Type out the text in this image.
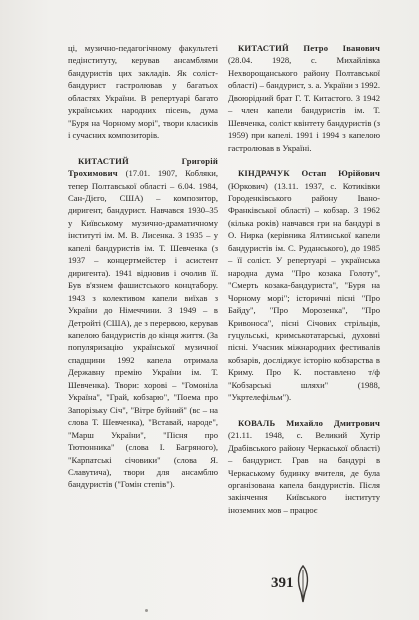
ці, музично-педагогічному факультеті педінституту, керував ансамблями бандуристів цих закладів. Як соліст-бандурист гастролював у багатьох областях України. В репертуарі багато українських народних пісень, дума "Буря на Чорному морі", твори класиків і сучасних композиторів.

КИТАСТИЙ Григорій Трохимович (17.01. 1907, Кобляки, тепер Полтавської області – 6.04. 1984, Сан-Дієго, США) – композитор, диригент, бандурист. Навчався 1930–35 у Київському музично-драматичному інституті ім. М. В. Лисенка. З 1935 – у капелі бандуристів ім. Т. Шевченка (з 1937 – концертмейстер і асистент диригента). 1941 відновив і очолив її. Був в'язнем фашистського концтабору. 1943 з колективом капели виїхав з України до Німеччини. З 1949 – в Детройті (США), де з перервою, керував капелою бандуристів до кінця життя. (За популяризацію української музичної спадщини 1992 капела отримала Державну премію України ім. Т. Шевченка). Твори: хорові – "Гомоніла Україна", "Грай, кобзарю", "Поема про Запорізьку Січ", "Вітре буйний" (вс – на слова Т. Шевченка), "Вставай, народе", "Марш України", "Пісня про Тютюнника" (слова І. Багряного), "Карпатські січовики" (слова Я. Славутича), твори для ансамблю бандуристів ("Гомін степів").

КИТАСТИЙ Петро Іванович (28.04. 1928, с. Михайлівка Нехворощанського району Полтавської області) – бандурист, з. а. України з 1992. Двоюрідний брат Г. Т. Китастого. З 1942 – член капели бандуристів ім. Т. Шевченка, соліст квінтету бандуристів (з 1959) при капелі. 1991 і 1994 з капелою гастролював в Україні.

КІНДРАЧУК Остап Юрійович (Юркович) (13.11. 1937, с. Котиківки Городенківського району Івано-Франківської області) – кобзар. З 1962 (кілька років) навчався гри на бандурі в О. Нирка (керівника Ялтинської капели бандуристів ім. С. Руданського), до 1985 – її соліст. У репертуарі – українська народна дума "Про козака Голоту", "Смерть козака-бандуриста", "Буря на Чорному морі"; історичні пісні "Про Байду", "Про Морозенка", "Про Кривоноса", пісні Січових стрільців, гуцульські, кримськотатарські, духовні пісні. Учасник міжнародних фестивалів кобзарів, досліджує історію кобзарства в Криму. Про К. поставлено т/ф "Кобзарські шляхи" (1988, "Укртелефільм").

КОВАЛЬ Михайло Дмитрович (21.11. 1948, с. Великий Хутір Драбівського району Черкаської області) – бандурист. Грав на бандурі в Черкаському будинку вчителя, де була організована капела бандуристів. Після закінчення Київського інституту іноземних мов – працює

391
